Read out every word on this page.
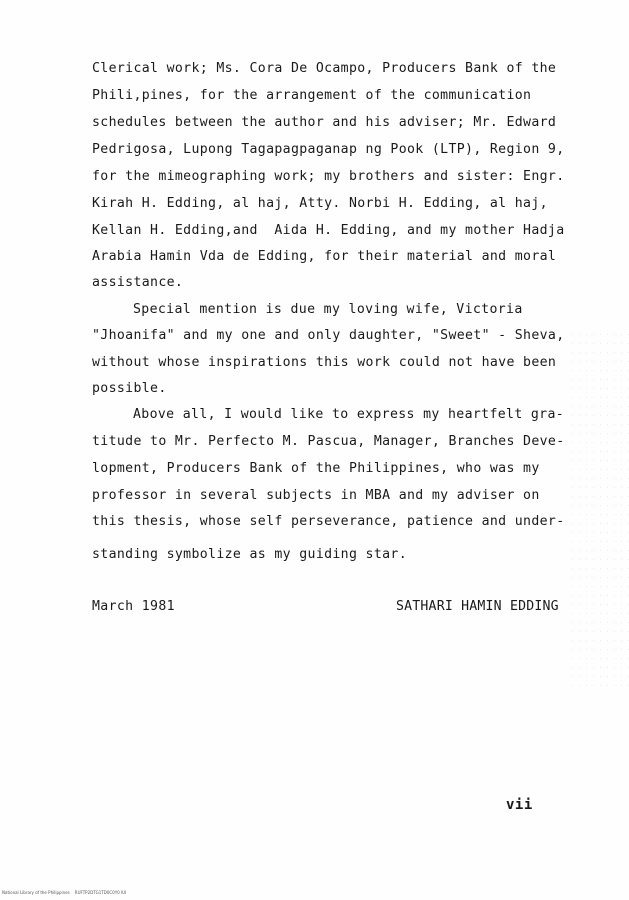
Clerical work; Ms. Cora De Ocampo, Producers Bank of the
Phili‚pines, for the arrangement of the communication
schedules between the author and his adviser; Mr. Edward
Pedrigosa, Lupong Tagapagpaganap ng Pook (LTP), Region 9,
for the mimeographing work; my brothers and sister: Engr.
Kirah H. Edding, al haj, Atty. Norbi H. Edding, al haj,
Kellan H. Edding,and  Aida H. Edding, and my mother Hadja
Arabia Hamin Vda de Edding, for their material and moral
assistance.
Special mention is due my loving wife, Victoria
"Jhoanifa" and my one and only daughter, "Sweet" - Sheva,
without whose inspirations this work could not have been
possible.
Above all, I would like to express my heartfelt gra-
titude to Mr. Perfecto M. Pascua, Manager, Branches Deve-
lopment, Producers Bank of the Philippines, who was my
professor in several subjects in MBA and my adviser on
this thesis, whose self perseverance, patience and under-
standing symbolize as my guiding star.
March 1981	SATHARI HAMIN EDDING
vii
National Library of the Philippines    RUFTP2DTG1TD0C0Y0 IUI
